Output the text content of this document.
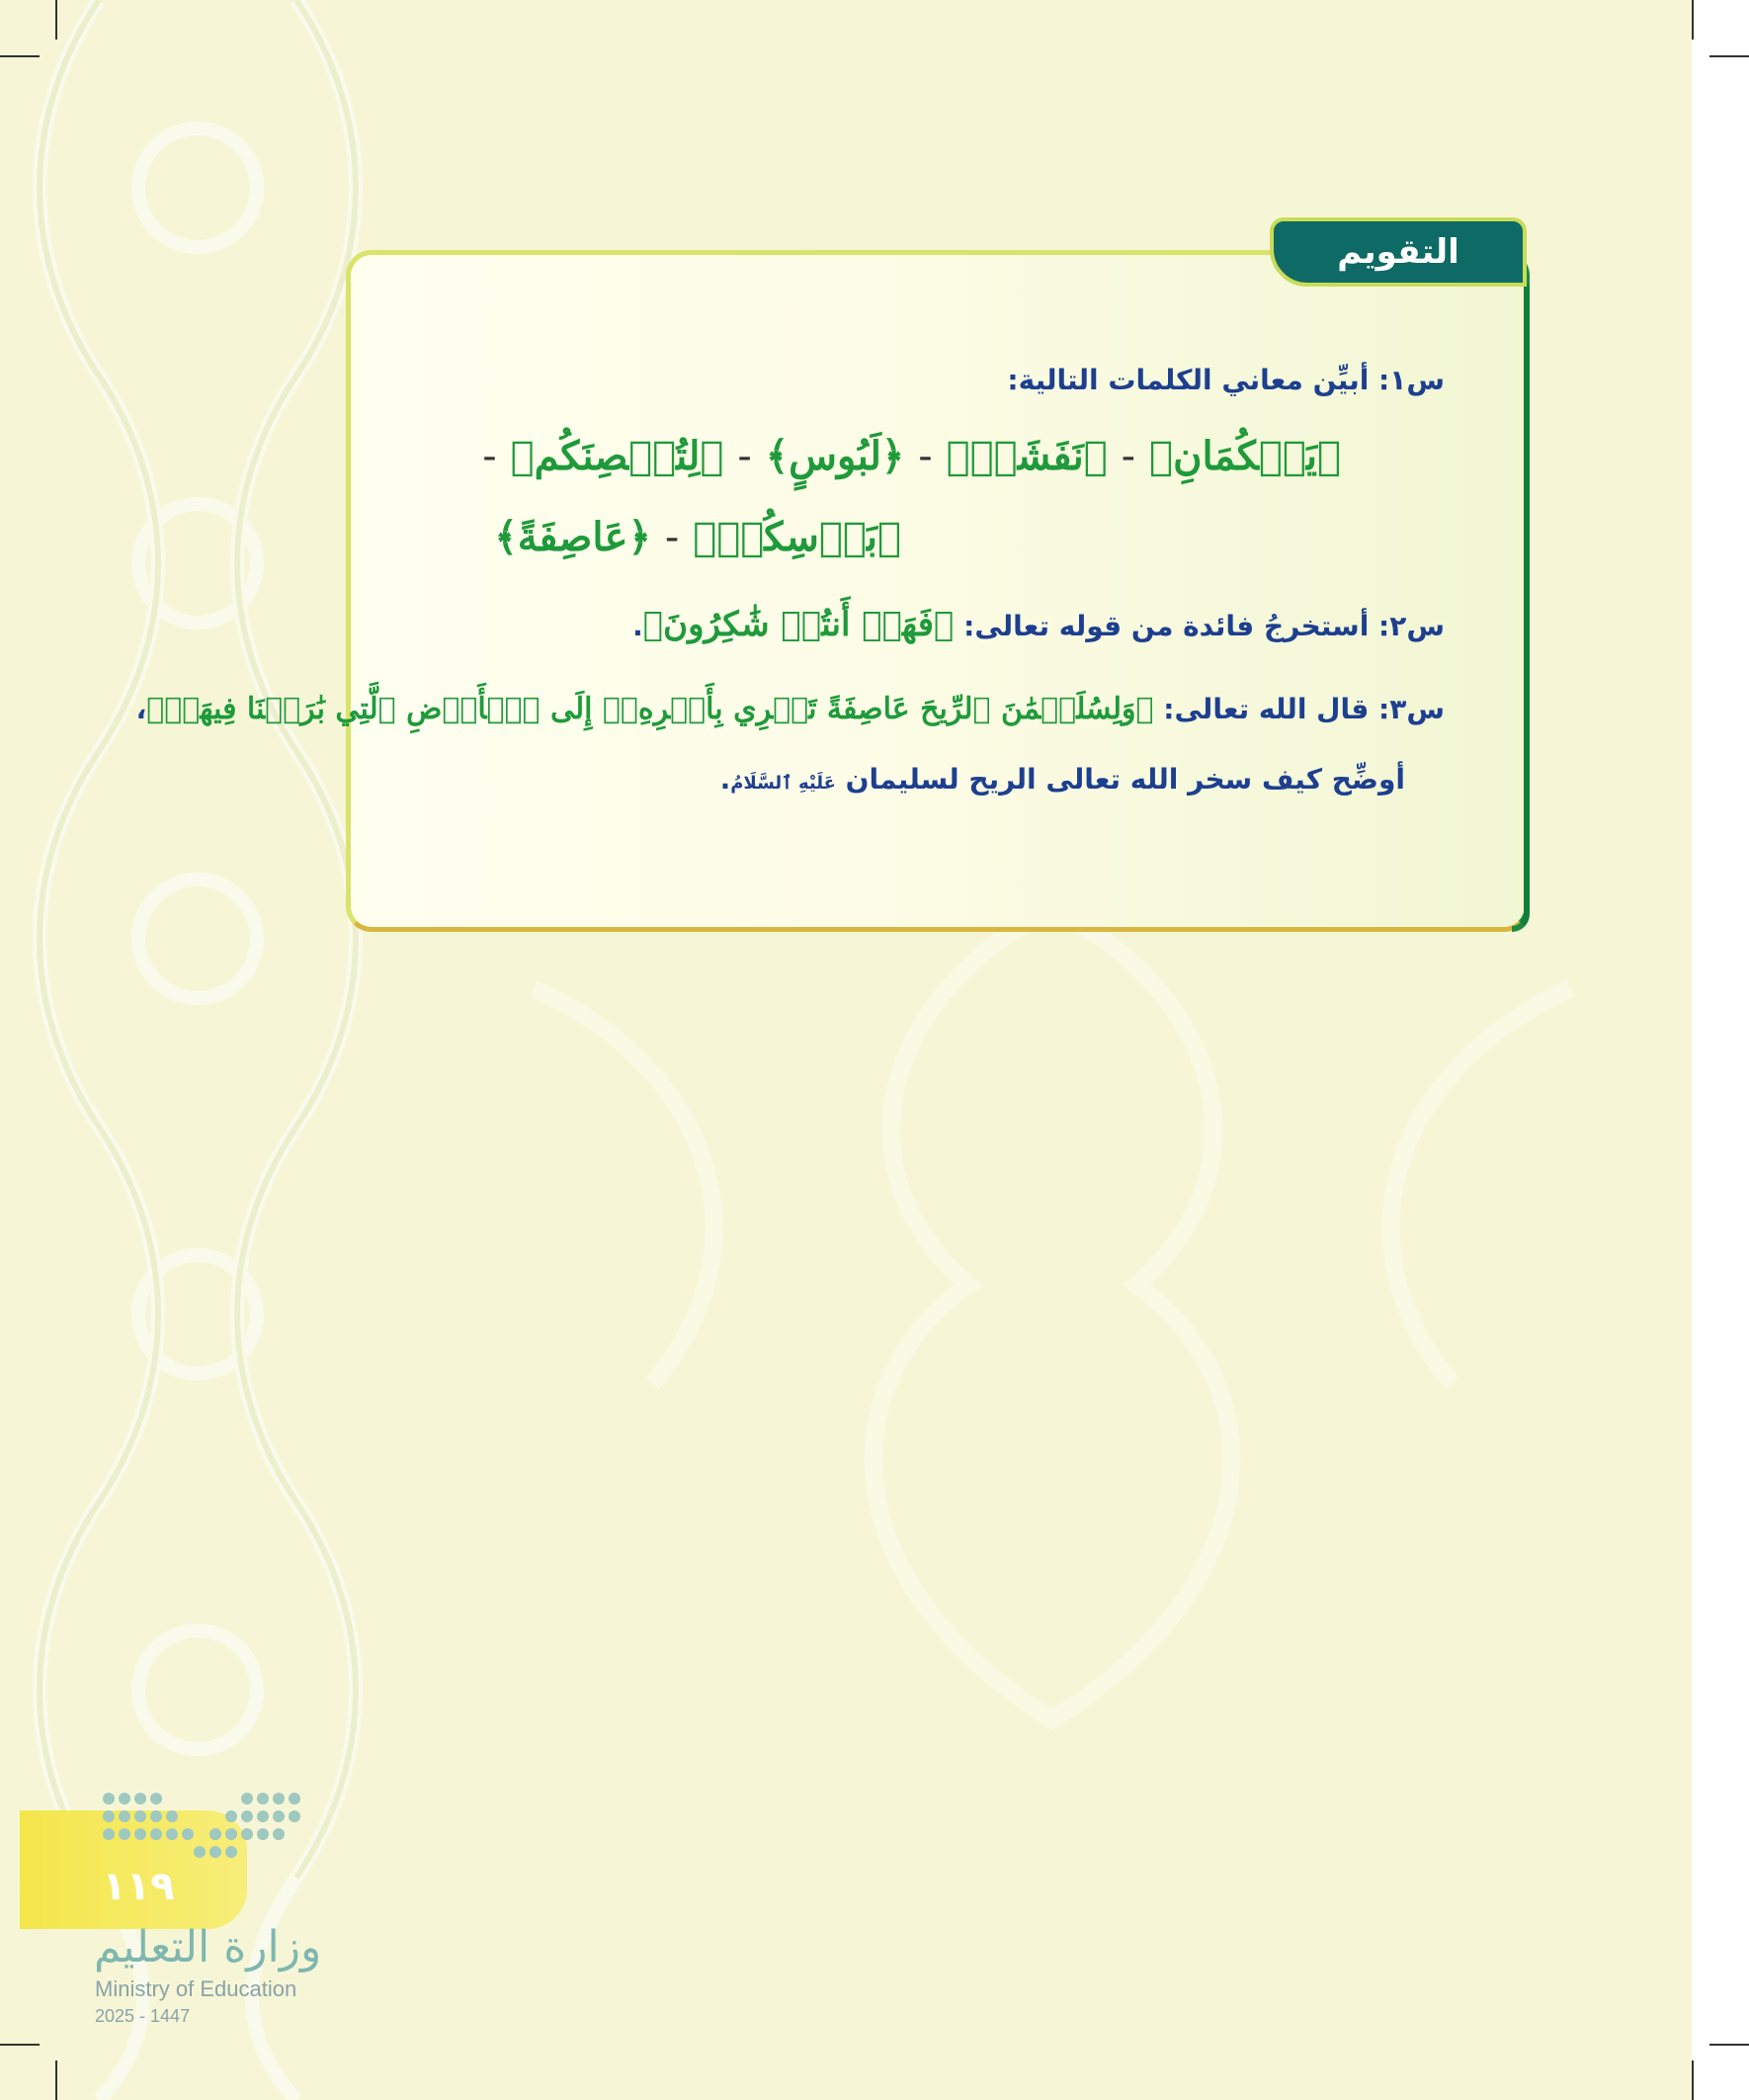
التقويم
س١: أبيِّن معاني الكلمات التالية:
﴿يَحۡكُمَانِ﴾ - ﴿نَفَشَتۡ﴾ - ﴿لَبُوسٍ﴾ - ﴿لِتُحۡصِنَكُم﴾ -
﴿بَأۡسِكُمۡ﴾ - ﴿عَاصِفَةً﴾
س٢: أستخرجُ فائدة من قوله تعالى: ﴿فَهَلۡ أَنتُمۡ شَٰكِرُونَ﴾.
س٣: قال الله تعالى: ﴿وَلِسُلَيۡمَٰنَ ٱلرِّيحَ عَاصِفَةً تَجۡرِي بِأَمۡرِهِۦٓ إِلَى ٱلۡأَرۡضِ ٱلَّتِي بَٰرَكۡنَا فِيهَاۚ﴾،
أوضِّح كيف سخر الله تعالى الريح لسليمان عَلَيْهِ ٱلسَّلَامُ.
١١٩
وزارة التعليم
Ministry of Education
2025 - 1447
